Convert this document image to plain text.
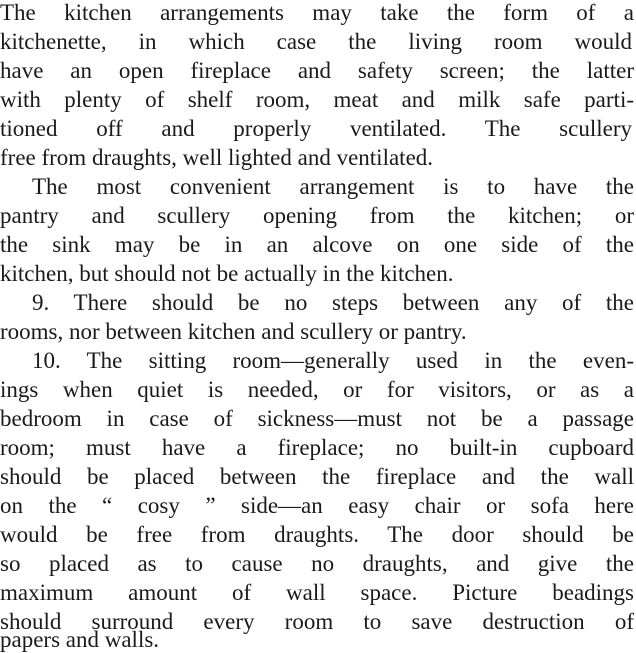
The kitchen arrangements may take the form of a
kitchenette, in which case the living room would
have an open fireplace and safety screen; the latter
with plenty of shelf room, meat and milk safe parti-
tioned off and properly ventilated. The scullery
free from draughts, well lighted and ventilated.
The most convenient arrangement is to have the
pantry and scullery opening from the kitchen; or
the sink may be in an alcove on one side of the
kitchen, but should not be actually in the kitchen.
9. There should be no steps between any of the
rooms, nor between kitchen and scullery or pantry.
10. The sitting room—generally used in the even-
ings when quiet is needed, or for visitors, or as a
bedroom in case of sickness—must not be a passage
room; must have a fireplace; no built-in cupboard
should be placed between the fireplace and the wall
on the “ cosy ” side—an easy chair or sofa here
would be free from draughts. The door should be
so placed as to cause no draughts, and give the
maximum amount of wall space. Picture beadings
should surround every room to save destruction of
papers and walls.
